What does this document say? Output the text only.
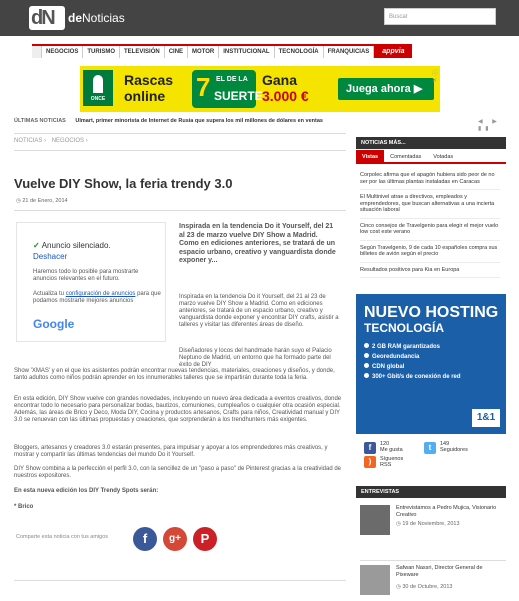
dN deNoticias	Buscar
NEGOCIOS	TURISMO	TELEVISIÓN	CINE	MOTOR	INSTITUCIONAL	TECNOLOGÍA	FRANQUICIAS	appvia
ONCE
Rascas
online	7 EL DE LA
SUERTE
Gana
3.000 €	Juega ahora ▶
ⓘ ✕
ÚLTIMAS NOTICIAS Ulmart, primer minorista de Internet de Rusia que supera los mil millones de dólares en ventas	◀ ▶ ▮▮
NOTICIAS › NEGOCIOS ›
Vuelve DIY Show, la feria trendy 3.0
◷ 21 de Enero, 2014
✓ Anuncio silenciado.
Deshacer
Haremos todo lo posible para mostrarte anuncios relevantes en el futuro.
Actualiza tu configuración de anuncios para que podamos mostrarte mejores anuncios
Google
Inspirada en la tendencia Do it Yourself, del 21 al 23 de marzo vuelve DIY Show a Madrid. Como en ediciones anteriores, se tratará de un espacio urbano, creativo y vanguardista donde exponer y...
Inspirada en la tendencia Do it Yourself, del 21 al 23 de marzo vuelve DIY Show a Madrid. Como en ediciones anteriores, se tratará de un espacio urbano, creativo y vanguardista donde exponer y encontrar DIY crafts, asistir a talleres y visitar las diferentes áreas de diseño.
Diseñadores y locos del handmade harán suyo el Palacio Neptuno de Madrid, un entorno que ha formado parte del éxito de DIY
Show 'XMAS' y en el que los asistentes podrán encontrar nuevas tendencias, materiales, creaciones y diseños, y donde, tanto adultos como niños podrán aprender en los innumerables talleres que se impartirán durante toda la feria.
En esta edición, DIY Show vuelve con grandes novedades, incluyendo un nuevo área dedicada a eventos creativos, donde encontrar todo lo necesario para personalizar bodas, bautizos, comuniones, cumpleaños o cualquier otra ocasión especial. Además, las áreas de Brico y Deco, Moda DIY, Cocina y productos artesanos, Crafts para niños, Creatividad manual y DIY 3.0 se renuevan con las últimas propuestas y creaciones, que sorprenderán a los trendhunters más exigentes.
Bloggers, artesanos y creadores 3.0 estarán presentes, para impulsar y apoyar a los emprendedores más creativos, y mostrar y compartir las últimas tendencias del mundo Do it Yourself.
DIY Show combina a la perfección el perfil 3.0, con la sencillez de un "paso a paso" de Pinterest gracias a la creatividad de nuestros expositores.
En esta nueva edición los DIY Trendy Spots serán:
* Brico
Comparte esta noticia con tus amigos	f	g+	P
NOTICIAS MÁS...
Vistas	Comentadas	Votadas
Corpolec afirma que el apagón hubiera sido peor de no ser por las últimas plantas instaladas en Caracas
El Multinivel atrae a directivos, empleados y emprendedores, que buscan alternativas a una incierta situación laboral
Cinco consejos de Travelgenio para elegir el mejor vuelo low cost este verano
Según Travelgenio, 9 de cada 10 españoles compra sus billetes de avión según el precio
Resultados positivos para Kia en Europa
NUEVO HOSTING
TECNOLOGÍA
2 GB RAM garantizados
Georedundancia
CDN global
300+ Gbit/s de conexión de red
1&1
f	120
Me gusta	t	149
Seguidores
)	Síguenos RSS
ENTREVISTAS
Entrevistamos a Pedro Mujica, Visionario Creativo
◷ 19 de Noviembre, 2013
Safwan Nassri, Director General de Pixeware
◷ 30 de Octubre, 2013
